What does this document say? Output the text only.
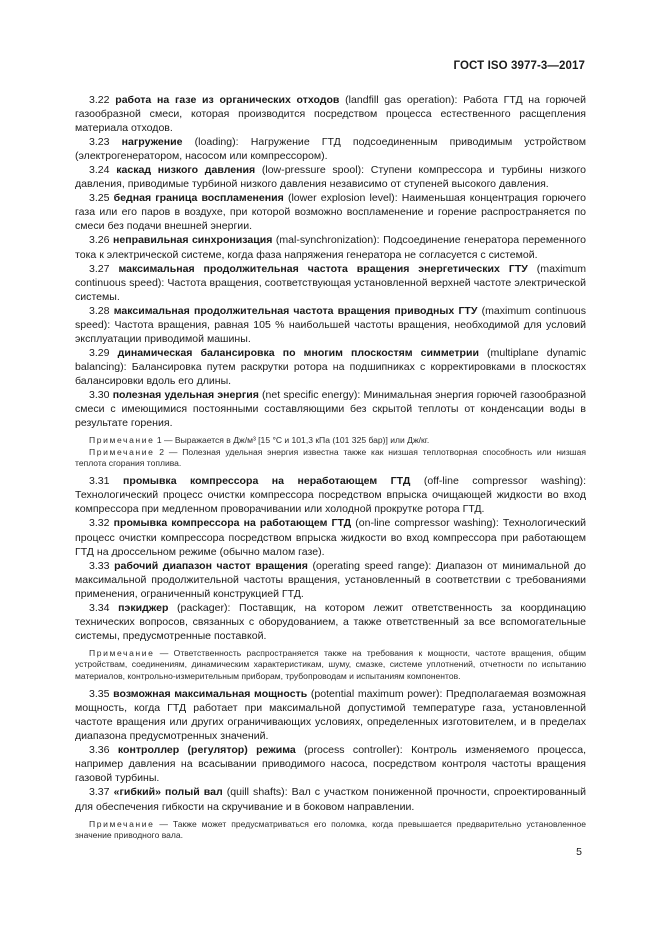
ГОСТ ISO 3977-3—2017

3.22 работа на газе из органических отходов (landfill gas operation): Работа ГТД на горючей газообразной смеси, которая производится посредством процесса естественного расщепления материала отходов.

3.23 нагружение (loading): Нагружение ГТД подсоединенным приводимым устройством (электрогенератором, насосом или компрессором).

3.24 каскад низкого давления (low-pressure spool): Ступени компрессора и турбины низкого давления, приводимые турбиной низкого давления независимо от ступеней высокого давления.

3.25 бедная граница воспламенения (lower explosion level): Наименьшая концентрация горючего газа или его паров в воздухе, при которой возможно воспламенение и горение распространяется по смеси без подачи внешней энергии.

3.26 неправильная синхронизация (mal-synchronization): Подсоединение генератора переменного тока к электрической системе, когда фаза напряжения генератора не согласуется с системой.

3.27 максимальная продолжительная частота вращения энергетических ГТУ (maximum continuous speed): Частота вращения, соответствующая установленной верхней частоте электрической системы.

3.28 максимальная продолжительная частота вращения приводных ГТУ (maximum continuous speed): Частота вращения, равная 105 % наибольшей частоты вращения, необходимой для условий эксплуатации приводимой машины.

3.29 динамическая балансировка по многим плоскостям симметрии (multiplane dynamic balancing): Балансировка путем раскрутки ротора на подшипниках с корректировками в плоскостях балансировки вдоль его длины.

3.30 полезная удельная энергия (net specific energy): Минимальная энергия горючей газообразной смеси с имеющимися постоянными составляющими без скрытой теплоты от конденсации воды в результате горения.

Примечание 1 — Выражается в Дж/м³ [15 °C и 101,3 кПа (101 325 бар)] или Дж/кг.

Примечание 2 — Полезная удельная энергия известна также как низшая теплотворная способность или низшая теплота сгорания топлива.

3.31 промывка компрессора на неработающем ГТД (off-line compressor washing): Технологический процесс очистки компрессора посредством впрыска очищающей жидкости во вход компрессора при медленном проворачивании или холодной прокрутке ротора ГТД.

3.32 промывка компрессора на работающем ГТД (on-line compressor washing): Технологический процесс очистки компрессора посредством впрыска жидкости во вход компрессора при работающем ГТД на дроссельном режиме (обычно малом газе).

3.33 рабочий диапазон частот вращения (operating speed range): Диапазон от минимальной до максимальной продолжительной частоты вращения, установленный в соответствии с требованиями применения, ограниченный конструкцией ГТД.

3.34 пэкиджер (packager): Поставщик, на котором лежит ответственность за координацию технических вопросов, связанных с оборудованием, а также ответственный за все вспомогательные системы, предусмотренные поставкой.

Примечание — Ответственность распространяется также на требования к мощности, частоте вращения, общим устройствам, соединениям, динамическим характеристикам, шуму, смазке, системе уплотнений, отчетности по испытанию материалов, контрольно-измерительным приборам, трубопроводам и испытаниям компонентов.

3.35 возможная максимальная мощность (potential maximum power): Предполагаемая возможная мощность, когда ГТД работает при максимальной допустимой температуре газа, установленной частоте вращения или других ограничивающих условиях, определенных изготовителем, и в пределах диапазона предусмотренных значений.

3.36 контроллер (регулятор) режима (process controller): Контроль изменяемого процесса, например давления на всасывании приводимого насоса, посредством контроля частоты вращения газовой турбины.

3.37 «гибкий» полый вал (quill shafts): Вал с участком пониженной прочности, спроектированный для обеспечения гибкости на скручивание и в боковом направлении.

Примечание — Также может предусматриваться его поломка, когда превышается предварительно установленное значение приводного вала.

5
